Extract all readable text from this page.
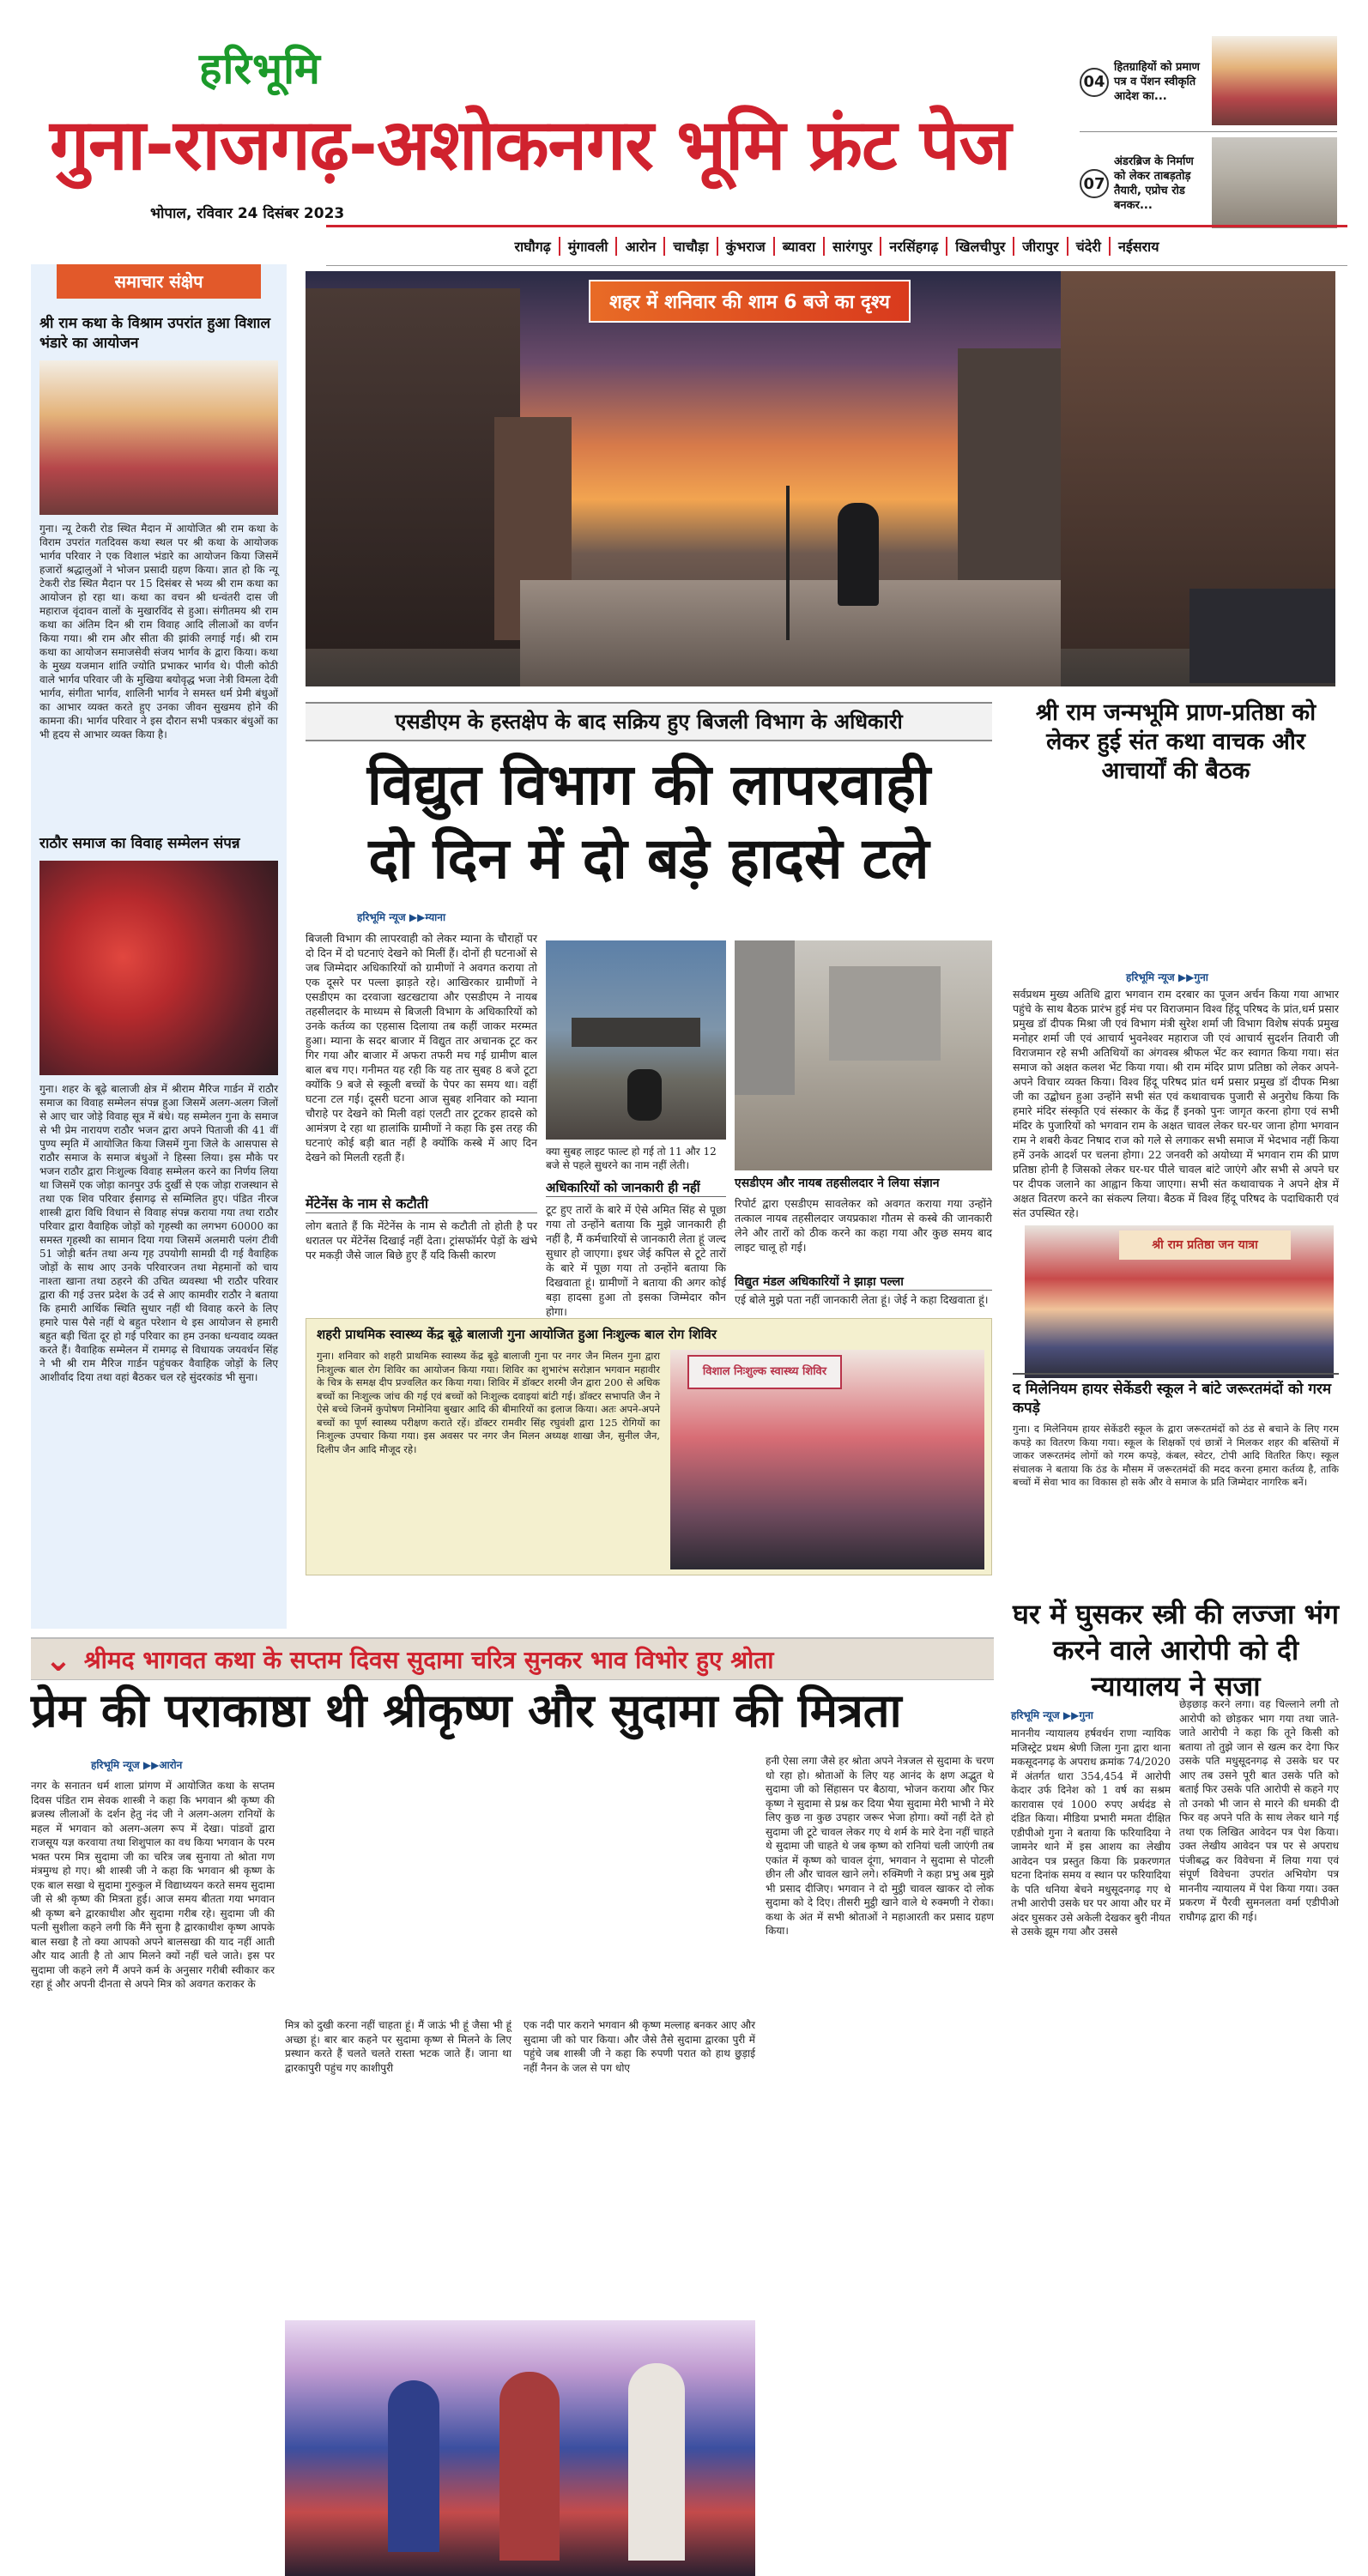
हरिभूमि
गुना-राजगढ़-अशोकनगर भूमि फ्रंट पेज
भोपाल, रविवार 24 दिसंबर 2023
04
हितग्राहियों को प्रमाण पत्र व पेंशन स्वीकृति आदेश का...
07
अंडरब्रिज के निर्माण को लेकर ताबड़तोड़ तैयारी, एप्रोच रोड बनकर...
राघौगढ़	मुंगावली	आरोन	चाचौड़ा	कुंभराज	ब्यावरा	सारंगपुर	नरसिंहगढ़	खिलचीपुर	जीरापुर	चंदेरी	नईसराय
समाचार संक्षेप
श्री राम कथा के विश्राम उपरांत हुआ विशाल भंडारे का आयोजन
गुना। न्यू टेकरी रोड स्थित मैदान में आयोजित श्री राम कथा के विराम उपरांत गतदिवस कथा स्थल पर श्री कथा के आयोजक भार्गव परिवार ने एक विशाल भंडारे का आयोजन किया जिसमें हजारों श्रद्धालुओं ने भोजन प्रसादी ग्रहण किया। ज्ञात हो कि न्यू टेकरी रोड स्थित मैदान पर 15 दिसंबर से भव्य श्री राम कथा का आयोजन हो रहा था। कथा का वचन श्री धन्वंतरी दास जी महाराज वृंदावन वालों के मुखारविंद से हुआ। संगीतमय श्री राम कथा का अंतिम दिन श्री राम विवाह आदि लीलाओं का वर्णन किया गया। श्री राम और सीता की झांकी लगाई गई। श्री राम कथा का आयोजन समाजसेवी संजय भार्गव के द्वारा किया। कथा के मुख्य यजमान शांति ज्योति प्रभाकर भार्गव थे। पीली कोठी वाले भार्गव परिवार जी के मुखिया बयोवृद्ध भजा नेत्री विमला देवी भार्गव, संगीता भार्गव, शालिनी भार्गव ने समस्त धर्म प्रेमी बंधुओं का आभार व्यक्त करते हुए उनका जीवन सुखमय होने की कामना की। भार्गव परिवार ने इस दौरान सभी पत्रकार बंधुओं का भी हृदय से आभार व्यक्त किया है।
राठौर समाज का विवाह सम्मेलन संपन्न
गुना। शहर के बूढ़े बालाजी क्षेत्र में श्रीराम मैरिज गार्डन में राठौर समाज का विवाह सम्मेलन संपन्न हुआ जिसमें अलग-अलग जिलों से आए चार जोड़े विवाह सूत्र में बंधे। यह सम्मेलन गुना के समाज से भी प्रेम नारायण राठौर भजन द्वारा अपने पिताजी की 41 वीं पुण्य स्मृति में आयोजित किया जिसमें गुना जिले के आसपास से राठौर समाज के समाज बंधुओं ने हिस्सा लिया। इस मौके पर भजन राठौर द्वारा निःशुल्क विवाह सम्मेलन करने का निर्णय लिया था जिसमें एक जोड़ा कानपुर उर्फ दुर्खी से एक जोड़ा राजस्थान से तथा एक शिव परिवार ईसागढ़ से सम्मिलित हुए। पंडित नीरज शास्त्री द्वारा विधि विधान से विवाह संपन्न कराया गया तथा राठौर परिवार द्वारा वैवाहिक जोड़ों को गृहस्थी का लगभग 60000 का समस्त गृहस्थी का सामान दिया गया जिसमें अलमारी पलंग टीवी 51 जोड़ी बर्तन तथा अन्य गृह उपयोगी सामग्री दी गई वैवाहिक जोड़ों के साथ आए उनके परिवारजन तथा मेहमानों को चाय नाश्ता खाना तथा ठहरने की उचित व्यवस्था भी राठौर परिवार द्वारा की गई उत्तर प्रदेश के उर्द से आए कामवीर राठौर ने बताया कि हमारी आर्थिक स्थिति सुधार नहीं थी विवाह करने के लिए हमारे पास पैसे नहीं थे बहुत परेशान थे इस आयोजन से हमारी बहुत बड़ी चिंता दूर हो गई परिवार का हम उनका धन्यवाद व्यक्त करते हैं। वैवाहिक सम्मेलन में रामगढ़ से विधायक जयवर्धन सिंह ने भी श्री राम मैरिज गार्डन पहुंचकर वैवाहिक जोड़ों के लिए आशीर्वाद दिया तथा वहां बैठकर चल रहे सुंदरकांड भी सुना।
शहर में शनिवार की शाम 6 बजे का दृश्य
एसडीएम के हस्तक्षेप के बाद सक्रिय हुए बिजली विभाग के अधिकारी
विद्युत विभाग की लापरवाही
दो दिन में दो बड़े हादसे टले
हरिभूमि न्यूज ▶▶म्याना
बिजली विभाग की लापरवाही को लेकर म्याना के चौराहों पर दो दिन में दो घटनाएं देखने को मिलीं हैं। दोनों ही घटनाओं से जब जिम्मेदार अधिकारियों को ग्रामीणों ने अवगत कराया तो एक दूसरे पर पल्ला झाड़ते रहे। आखिरकार ग्रामीणों ने एसडीएम का दरवाजा खटखटाया और एसडीएम ने नायब तहसीलदार के माध्यम से बिजली विभाग के अधिकारियों को उनके कर्तव्य का एहसास दिलाया तब कहीं जाकर मरम्मत हुआ। म्याना के सदर बाजार में विद्युत तार अचानक टूट कर गिर गया और बाजार में अफरा तफरी मच गई ग्रामीण बाल बाल बच गए। गनीमत यह रही कि यह तार सुबह 8 बजे टूटा क्योंकि 9 बजे से स्कूली बच्चों के पेपर का समय था। वहीं घटना टल गई। दूसरी घटना आज सुबह शनिवार को म्याना चौराहे पर देखने को मिली वहां एलटी तार टूटकर हादसे को आमंत्रण दे रहा था हालांकि ग्रामीणों ने कहा कि इस तरह की घटनाएं कोई बड़ी बात नहीं है क्योंकि कस्बे में आए दिन देखने को मिलती रहती हैं।
मेंटेनेंस के नाम से कटौती
लोग बताते हैं कि मेंटेनेंस के नाम से कटौती तो होती है पर धरातल पर मेंटेनेंस दिखाई नहीं देता। ट्रांसफॉर्मर पेड़ों के खंभे पर मकड़ी जैसे जाल बिछे हुए हैं यदि किसी कारण
क्या सुबह लाइट फाल्ट हो गई तो 11 और 12 बजे से पहले सुधरने का नाम नहीं लेती।
अधिकारियों को जानकारी ही नहीं
टूट हुए तारों के बारे में ऐसे अमित सिंह से पूछा गया तो उन्होंने बताया कि मुझे जानकारी ही नहीं है, मैं कर्मचारियों से जानकारी लेता हूं जल्द सुधार हो जाएगा। इधर जेई कपिल से टूटे तारों के बारे में पूछा गया तो उन्होंने बताया कि दिखवाता हूं। ग्रामीणों ने बताया की अगर कोई बड़ा हादसा हुआ तो इसका जिम्मेदार कौन होगा।
एसडीएम और नायब तहसीलदार ने लिया संज्ञान
रिपोर्ट द्वारा एसडीएम सावलेकर को अवगत कराया गया उन्होंने तत्काल नायब तहसीलदार जयप्रकाश गौतम से कस्बे की जानकारी लेने और तारों को ठीक करने का कहा गया और कुछ समय बाद लाइट चालू हो गई।
विद्युत मंडल अधिकारियों ने झाड़ा पल्ला
एई बोले मुझे पता नहीं जानकारी लेता हूं। जेई ने कहा दिखवाता हूं।
शहरी प्राथमिक स्वास्थ्य केंद्र बूढ़े बालाजी गुना आयोजित हुआ निःशुल्क बाल रोग शिविर
गुना। शनिवार को शहरी प्राथमिक स्वास्थ्य केंद्र बूढ़े बालाजी गुना पर नगर जैन मिलन गुना द्वारा निःशुल्क बाल रोग शिविर का आयोजन किया गया। शिविर का शुभारंभ सरोज्ञान भगवान महावीर के चित्र के समक्ष दीप प्रज्वलित कर किया गया। शिविर में डॉक्टर शरमी जैन द्वारा 200 से अधिक बच्चों का निःशुल्क जांच की गई एवं बच्चों को निःशुल्क दवाइयां बांटी गई। डॉक्टर सभापति जैन ने ऐसे बच्चे जिनमें कुपोषण निमोनिया बुखार आदि की बीमारियों का इलाज किया। अतः अपने-अपने बच्चों का पूर्ण स्वास्थ्य परीक्षण कराते रहें। डॉक्टर रामवीर सिंह रघुवंशी द्वारा 125 रोगियों का निःशुल्क उपचार किया गया। इस अवसर पर नगर जैन मिलन अध्यक्ष शाखा जैन, सुनील जैन, दिलीप जैन आदि मौजूद रहे।
विशाल निःशुल्क स्वास्थ्य शिविर
श्री राम जन्मभूमि प्राण-प्रतिष्ठा को लेकर हुई संत कथा वाचक और आचार्यों की बैठक
श्री राम प्रतिष्ठा जन यात्रा
हरिभूमि न्यूज ▶▶गुना
सर्वप्रथम मुख्य अतिथि द्वारा भगवान राम दरबार का पूजन अर्चन किया गया आभार पहुंचे के साथ बैठक प्रारंभ हुई मंच पर विराजमान विश्व हिंदू परिषद के प्रांत,धर्म प्रसार प्रमुख डॉ दीपक मिश्रा जी एवं विभाग मंत्री सुरेश शर्मा जी विभाग विशेष संपर्क प्रमुख मनोहर शर्मा जी एवं आचार्य भुवनेश्वर महाराज जी एवं आचार्य सुदर्शन तिवारी जी विराजमान रहे सभी अतिथियों का अंगवस्त्र श्रीफल भेंट कर स्वागत किया गया। संत समाज को अक्षत कलश भेंट किया गया। श्री राम मंदिर प्राण प्रतिष्ठा को लेकर अपने-अपने विचार व्यक्त किया। विश्व हिंदू परिषद प्रांत धर्म प्रसार प्रमुख डॉ दीपक मिश्रा जी का उद्बोधन हुआ उन्होंने सभी संत एवं कथावाचक पुजारी से अनुरोध किया कि हमारे मंदिर संस्कृति एवं संस्कार के केंद्र हैं इनको पुनः जागृत करना होगा एवं सभी मंदिर के पुजारियों को भगवान राम के अक्षत चावल लेकर घर-घर जाना होगा भगवान राम ने शबरी केवट निषाद राज को गले से लगाकर सभी समाज में भेदभाव नहीं किया हमें उनके आदर्श पर चलना होगा। 22 जनवरी को अयोध्या में भगवान राम की प्राण प्रतिष्ठा होनी है जिसको लेकर घर-घर पीले चावल बांटे जाएंगे और सभी से अपने घर पर दीपक जलाने का आह्वान किया जाएगा। सभी संत कथावाचक ने अपने क्षेत्र में अक्षत वितरण करने का संकल्प लिया। बैठक में विश्व हिंदू परिषद के पदाधिकारी एवं संत उपस्थित रहे।
द मिलेनियम हायर सेकेंडरी स्कूल ने बांटे जरूरतमंदों को गरम कपड़े
गुना। द मिलेनियम हायर सेकेंडरी स्कूल के द्वारा जरूरतमंदों को ठंड से बचाने के लिए गरम कपड़े का वितरण किया गया। स्कूल के शिक्षकों एवं छात्रों ने मिलकर शहर की बस्तियों में जाकर जरूरतमंद लोगों को गरम कपड़े, कंबल, स्वेटर, टोपी आदि वितरित किए। स्कूल संचालक ने बताया कि ठंड के मौसम में जरूरतमंदों की मदद करना हमारा कर्तव्य है, ताकि बच्चों में सेवा भाव का विकास हो सके और वे समाज के प्रति जिम्मेदार नागरिक बनें।
⌄ श्रीमद भागवत कथा के सप्तम दिवस सुदामा चरित्र सुनकर भाव विभोर हुए श्रोता
प्रेम की पराकाष्ठा थी श्रीकृष्ण और सुदामा की मित्रता
हरिभूमि न्यूज ▶▶आरोन
नगर के सनातन धर्म शाला प्रांगण में आयोजित कथा के सप्तम दिवस पंडित राम सेवक शास्त्री ने कहा कि भगवान श्री कृष्ण की ब्रजस्थ लीलाओं के दर्शन हेतु नंद जी ने अलग-अलग रानियों के महल में भगवान को अलग-अलग रूप में देखा। पांडवों द्वारा राजसूय यज्ञ करवाया तथा शिशुपाल का वध किया भगवान के परम भक्त परम मित्र सुदामा जी का चरित्र जब सुनाया तो श्रोता गण मंत्रमुग्ध हो गए। श्री शास्त्री जी ने कहा कि भगवान श्री कृष्ण के एक बाल सखा थे सुदामा गुरुकुल में विद्याध्ययन करते समय सुदामा जी से श्री कृष्ण की मित्रता हुई। आज समय बीतता गया भगवान श्री कृष्ण बने द्वारकाधीश और सुदामा गरीब रहे। सुदामा जी की पत्नी सुशीला कहने लगी कि मैंने सुना है द्वारकाधीश कृष्ण आपके बाल सखा है तो क्या आपको अपने बालसखा की याद नहीं आती और याद आती है तो आप मिलने क्यों नहीं चले जाते। इस पर सुदामा जी कहने लगे मैं अपने कर्म के अनुसार गरीबी स्वीकार कर रहा हूं और अपनी दीनता से अपने मित्र को अवगत कराकर के
मित्र को दुखी करना नहीं चाहता हूं। मैं जाऊं भी हूं जैसा भी हूं अच्छा हूं। बार बार कहने पर सुदामा कृष्ण से मिलने के लिए प्रस्थान करते हैं चलते चलते रास्ता भटक जाते हैं। जाना था द्वारकापुरी पहुंच गए काशीपुरी
एक नदी पार कराने भगवान श्री कृष्ण मल्लाह बनकर आए और सुदामा जी को पार किया। और जैसे तैसे सुदामा द्वारका पुरी में पहुंचे जब शास्त्री जी ने कहा कि रुपणी परात को हाथ छुड़ाई नहीं नैनन के जल से पग धोए
हनी ऐसा लगा जैसे हर श्रोता अपने नेत्रजल से सुदामा के चरण धो रहा हो। श्रोताओं के लिए यह आनंद के क्षण अद्भुत थे सुदामा जी को सिंहासन पर बैठाया, भोजन कराया और फिर कृष्ण ने सुदामा से प्रश्न कर दिया भैया सुदामा मेरी भाभी ने मेरे लिए कुछ ना कुछ उपहार जरूर भेजा होगा। क्यों नहीं देते हो सुदामा जी टूटे चावल लेकर गए थे शर्म के मारे देना नहीं चाहते थे सुदामा जी चाहते थे जब कृष्ण को रानियां चली जाएंगी तब एकांत में कृष्ण को चावल दूंगा, भगवान ने सुदामा से पोटली छीन ली और चावल खाने लगे। रुक्मिणी ने कहा प्रभु अब मुझे भी प्रसाद दीजिए। भगवान ने दो मुट्ठी चावल खाकर दो लोक सुदामा को दे दिए। तीसरी मुट्ठी खाने वाले थे रुक्मणी ने रोका। कथा के अंत में सभी श्रोताओं ने महाआरती कर प्रसाद ग्रहण किया।
घर में घुसकर स्त्री की लज्जा भंग करने वाले आरोपी को दी न्यायालय ने सजा
हरिभूमि न्यूज ▶▶गुना
माननीय न्यायालय हर्षवर्धन राणा न्यायिक मजिस्ट्रेट प्रथम श्रेणी जिला गुना द्वारा थाना मकसूदनगढ़ के अपराध क्रमांक 74/2020 में अंतर्गत धारा 354,454 में आरोपी केदार उर्फ दिनेश को 1 वर्ष का सश्रम कारावास एवं 1000 रुपए अर्थदंड से दंडित किया। मीडिया प्रभारी ममता दीक्षित एडीपीओ गुना ने बताया कि फरियादिया ने जामनेर थाने में इस आशय का लेखीय आवेदन पत्र प्रस्तुत किया कि प्रकरणगत घटना दिनांक समय व स्थान पर फरियादिया के पति धनिया बेचने मधुसूदनगढ़ गए थे तभी आरोपी उसके घर पर आया और घर में अंदर घुसकर उसे अकेली देखकर बुरी नीयत से उसके झूम गया और उससे
छेड़छाड़ करने लगा। वह चिल्लाने लगी तो आरोपी को छोड़कर भाग गया तथा जाते-जाते आरोपी ने कहा कि तूने किसी को बताया तो तुझे जान से खत्म कर देगा फिर उसके पति मधुसूदनगढ़ से उसके घर पर आए तब उसने पूरी बात उसके पति को बताई फिर उसके पति आरोपी से कहने गए तो उनको भी जान से मारने की धमकी दी फिर वह अपने पति के साथ लेकर थाने गई तथा एक लिखित आवेदन पत्र पेश किया। उक्त लेखीय आवेदन पत्र पर से अपराध पंजीबद्ध कर विवेचना में लिया गया एवं संपूर्ण विवेचना उपरांत अभियोग पत्र माननीय न्यायालय में पेश किया गया। उक्त प्रकरण में पैरवी सुमनलता वर्मा एडीपीओ राघौगढ़ द्वारा की गई।
